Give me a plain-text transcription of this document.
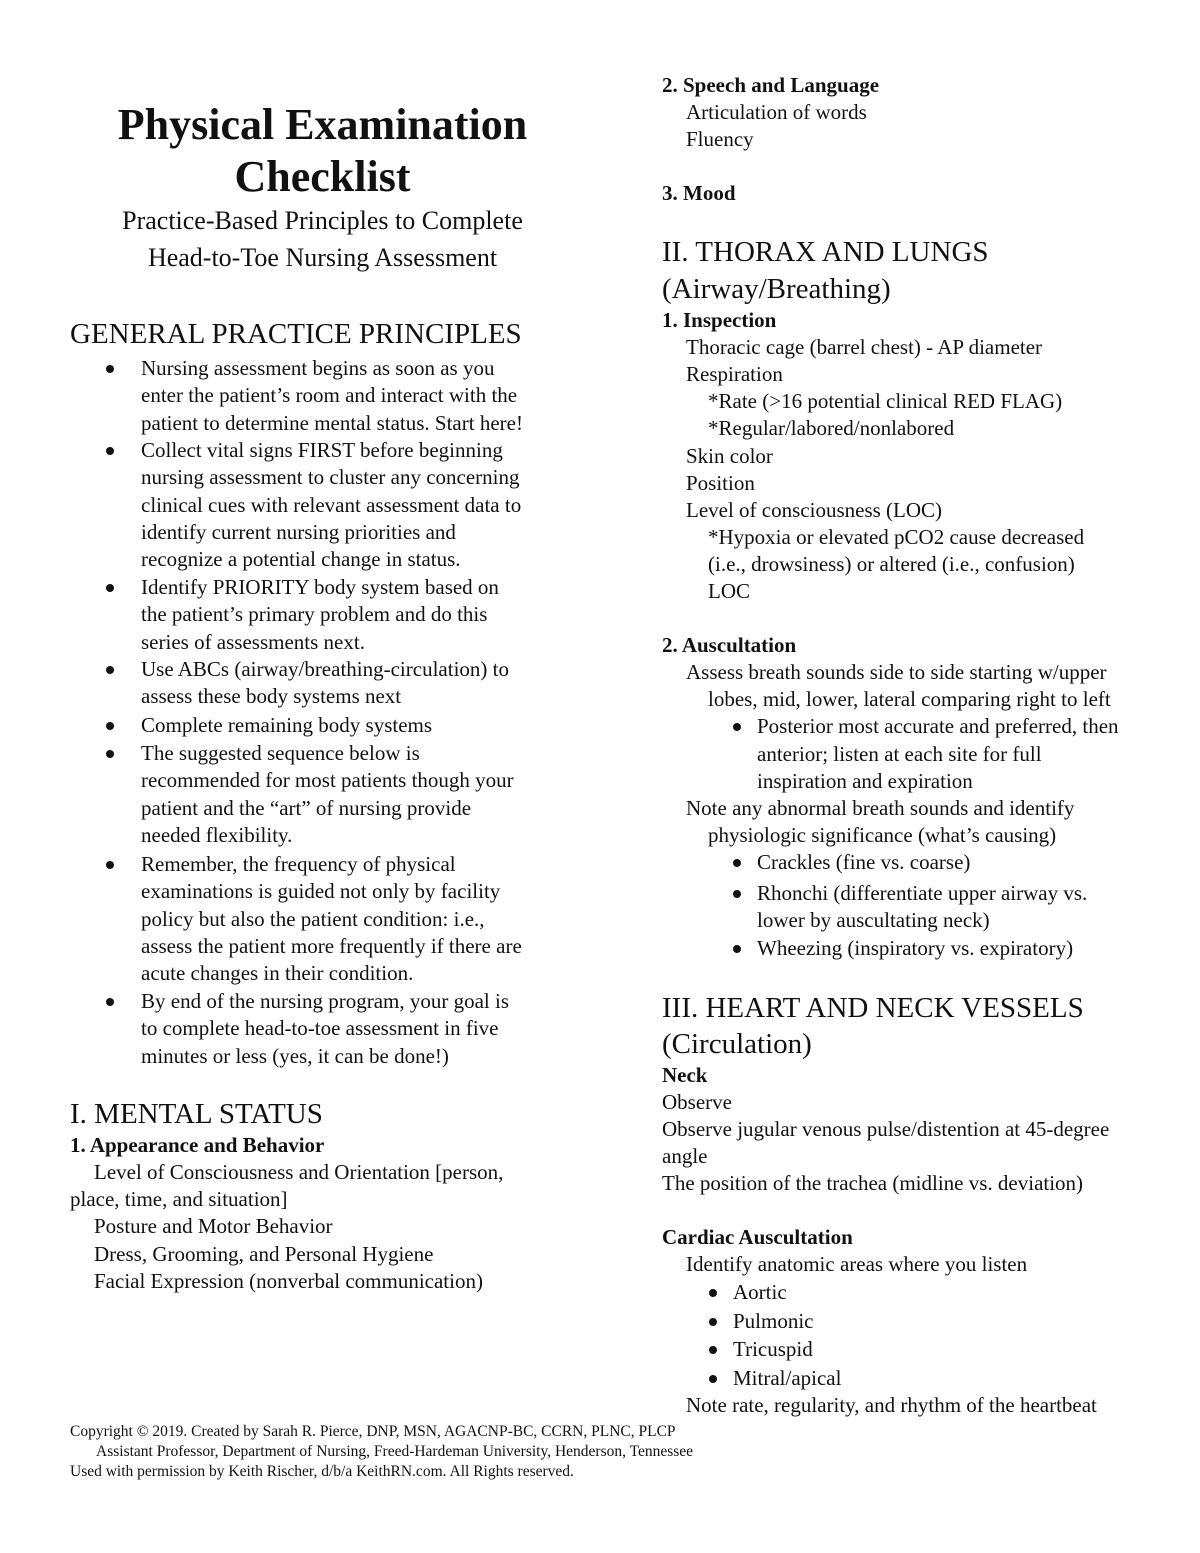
Physical Examination
Checklist
Practice-Based Principles to Complete
Head-to-Toe Nursing Assessment
GENERAL PRACTICE PRINCIPLES
Nursing assessment begins as soon as you
enter the patient’s room and interact with the
patient to determine mental status. Start here!
Collect vital signs FIRST before beginning
nursing assessment to cluster any concerning
clinical cues with relevant assessment data to
identify current nursing priorities and
recognize a potential change in status.
Identify PRIORITY body system based on
the patient’s primary problem and do this
series of assessments next.
Use ABCs (airway/breathing-circulation) to
assess these body systems next
Complete remaining body systems
The suggested sequence below is
recommended for most patients though your
patient and the “art” of nursing provide
needed flexibility.
Remember, the frequency of physical
examinations is guided not only by facility
policy but also the patient condition: i.e.,
assess the patient more frequently if there are
acute changes in their condition.
By end of the nursing program, your goal is
to complete head-to-toe assessment in five
minutes or less (yes, it can be done!)
I. MENTAL STATUS
1. Appearance and Behavior
Level of Consciousness and Orientation [person,
place, time, and situation]
Posture and Motor Behavior
Dress, Grooming, and Personal Hygiene
Facial Expression (nonverbal communication)
2. Speech and Language
Articulation of words
Fluency
3. Mood
II. THORAX AND LUNGS
(Airway/Breathing)
1. Inspection
Thoracic cage (barrel chest) - AP diameter
Respiration
*Rate (>16 potential clinical RED FLAG)
*Regular/labored/nonlabored
Skin color
Position
Level of consciousness (LOC)
*Hypoxia or elevated pCO2 cause decreased
(i.e., drowsiness) or altered (i.e., confusion)
LOC
2. Auscultation
Assess breath sounds side to side starting w/upper
lobes, mid, lower, lateral comparing right to left
Posterior most accurate and preferred, then
anterior; listen at each site for full
inspiration and expiration
Note any abnormal breath sounds and identify
physiologic significance (what’s causing)
Crackles (fine vs. coarse)
Rhonchi (differentiate upper airway vs.
lower by auscultating neck)
Wheezing (inspiratory vs. expiratory)
III. HEART AND NECK VESSELS
(Circulation)
Neck
Observe
Observe jugular venous pulse/distention at 45-degree
angle
The position of the trachea (midline vs. deviation)
Cardiac Auscultation
Identify anatomic areas where you listen
Aortic
Pulmonic
Tricuspid
Mitral/apical
Note rate, regularity, and rhythm of the heartbeat
Copyright © 2019. Created by Sarah R. Pierce, DNP, MSN, AGACNP-BC, CCRN, PLNC, PLCP
Assistant Professor, Department of Nursing, Freed-Hardeman University, Henderson, Tennessee
Used with permission by Keith Rischer, d/b/a KeithRN.com. All Rights reserved.
